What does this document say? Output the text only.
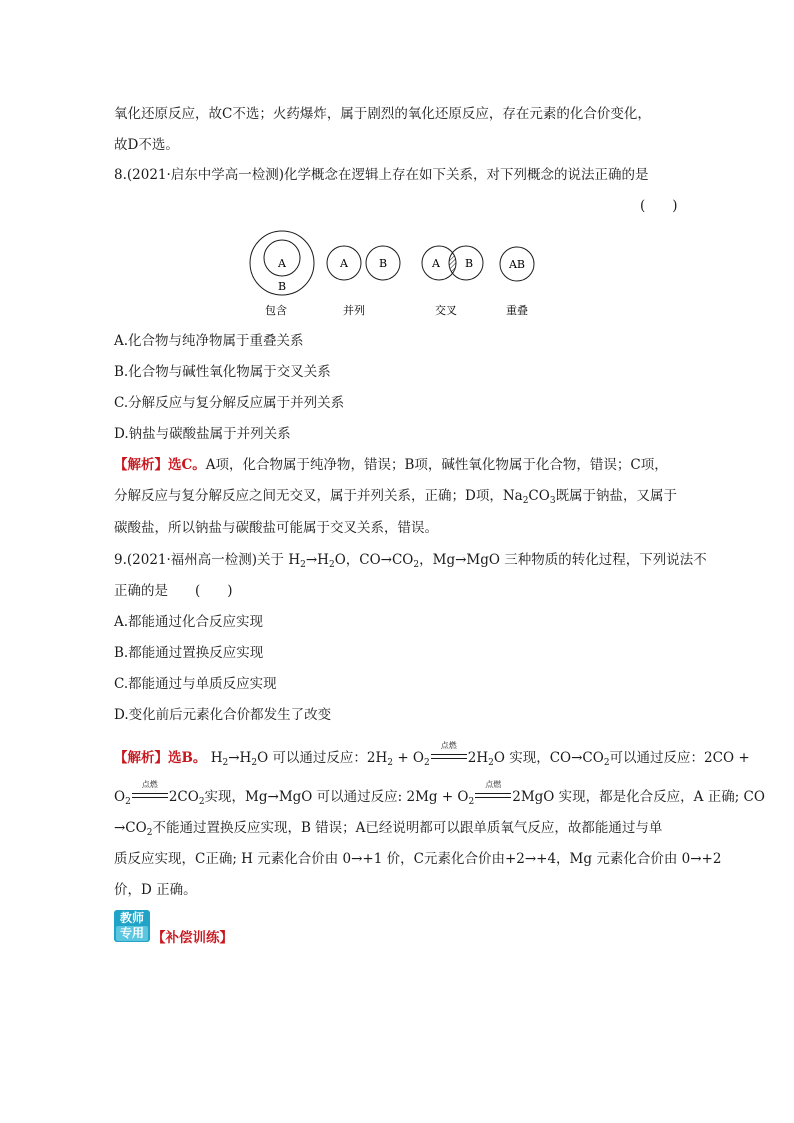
氧化还原反应，故C不选；火药爆炸，属于剧烈的氧化还原反应，存在元素的化合价变化，
故D不选。
8.(2021·启东中学高一检测)化学概念在逻辑上存在如下关系，对下列概念的说法正确的是
(　　)
A
B
A	B	A B	AB
包含	并列	交叉	重叠
A.化合物与纯净物属于重叠关系
B.化合物与碱性氧化物属于交叉关系
C.分解反应与复分解反应属于并列关系
D.钠盐与碳酸盐属于并列关系
【解析】选C。A项，化合物属于纯净物，错误；B项，碱性氧化物属于化合物，错误；C项，
分解反应与复分解反应之间无交叉，属于并列关系，正确；D项，$Na_2CO_3$既属于钠盐，又属于
碳酸盐，所以钠盐与碳酸盐可能属于交叉关系，错误。
9.(2021·福州高一检测)关于 $H_2\to H_2O$，$CO\to CO_2$，Mg→MgO 三种物质的转化过程，下列说法不
正确的是　　(　　)
A.都能通过化合反应实现
B.都能通过置换反应实现
C.都能通过与单质反应实现
D.变化前后元素化合价都发生了改变
【解析】选B。 $H_2\to H_2O$ 可以通过反应：$2H_2 + O_2$
点燃
$2H_2O$ 实现，$CO\to CO_2$可以通过反应：2CO +
$O_2$
点燃
$2CO_2$实现，Mg→MgO 可以通过反应: $2Mg + O_2$
点燃
2MgO 实现，都是化合反应，A 正确; CO
$\to CO_2$不能通过置换反应实现，B 错误；A已经说明都可以跟单质氧气反应，故都能通过与单
质反应实现，C正确; H 元素化合价由 0→+1 价，C元素化合价由+2→+4，Mg 元素化合价由 0→+2
价，D 正确。
教师
专用 【补偿训练】
